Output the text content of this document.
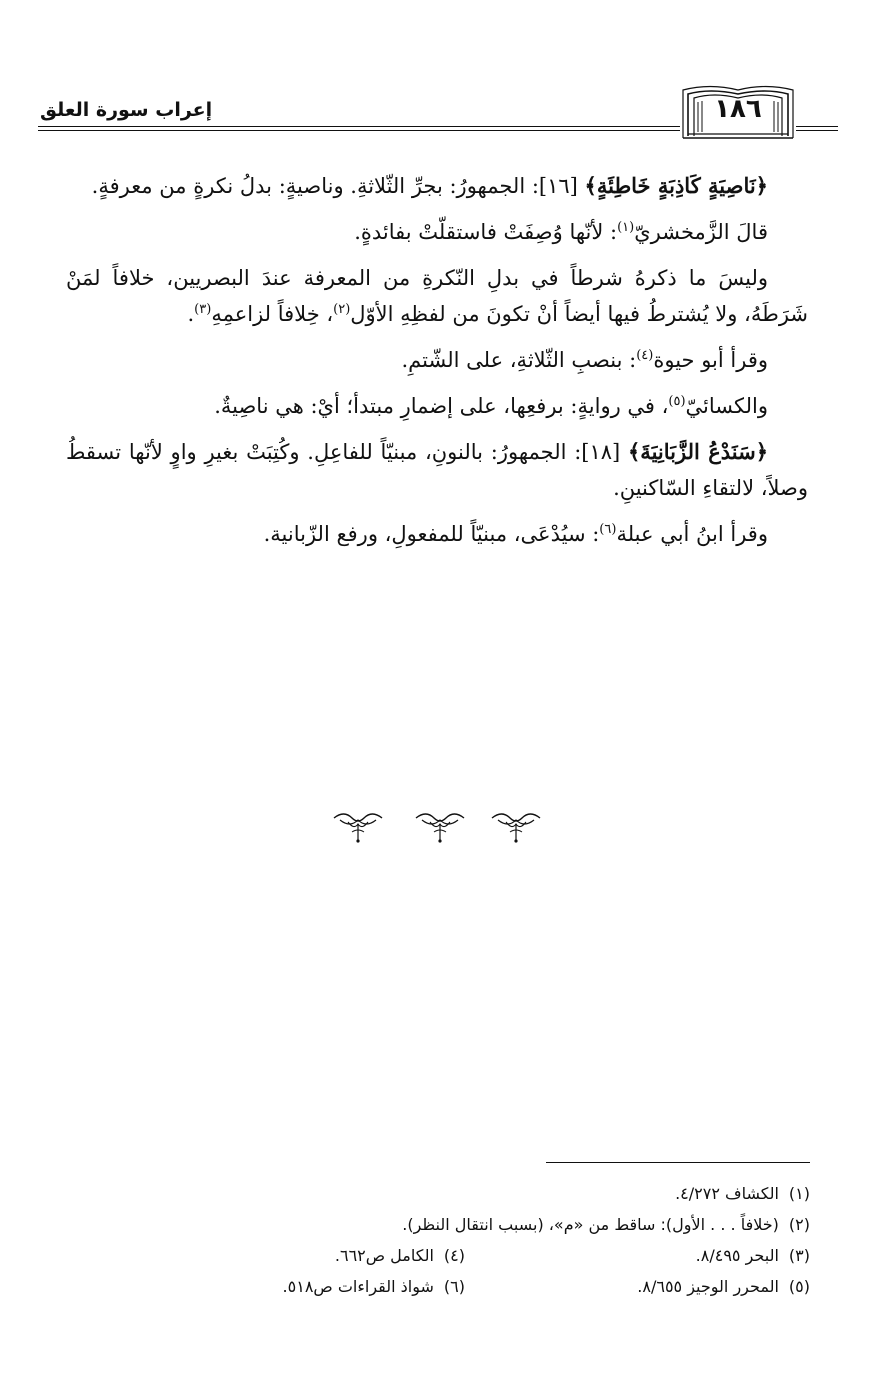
إعراب سورة العلق	١٨٦

﴿نَاصِيَةٍ كَاذِبَةٍ خَاطِئَةٍ﴾ [١٦]: الجمهورُ: بجرِّ الثّلاثةِ. وناصيةٍ: بدلُ نكرةٍ من معرفةٍ.

قالَ الزَّمخشريّ$^{(١)}$: لأنّها وُصِفَتْ فاستقلّتْ بفائدةٍ.

وليسَ ما ذكرهُ شرطاً في بدلِ النّكرةِ من المعرفة عندَ البصريين، خلافاً لمَنْ شَرَطَهُ، ولا يُشترطُ فيها أيضاً أنْ تكونَ من لفظِهِ الأوّل$^{(٢)}$، خِلافاً لزاعمِهِ$^{(٣)}$.

وقرأ أبو حيوة$^{(٤)}$: بنصبِ الثّلاثةِ، على الشّتمِ.

والكسائيّ$^{(٥)}$، في روايةٍ: برفعِها، على إضمارِ مبتدأ؛ أيْ: هي ناصِيةٌ.

﴿سَنَدْعُ الزَّبَانِيَةَ﴾ [١٨]: الجمهورُ: بالنونِ، مبنيّاً للفاعِلِ. وكُتِبَتْ بغيرِ واوٍ لأنّها تسقطُ وصلاً، لالتقاءِ السّاكنينِ.

وقرأ ابنُ أبي عبلة$^{(٦)}$: سيُدْعَى، مبنيّاً للمفعولِ، ورفع الزّبانية.

(١)الكشاف ٤/٢٧٢.
(٢)(خلافاً . . . الأول): ساقط من «م»، (بسبب انتقال النظر).
(٣)البحر ٨/٤٩٥.
(٤)الكامل ص٦٦٢.
(٥)المحرر الوجيز ٨/٦٥٥.
(٦)شواذ القراءات ص٥١٨.
